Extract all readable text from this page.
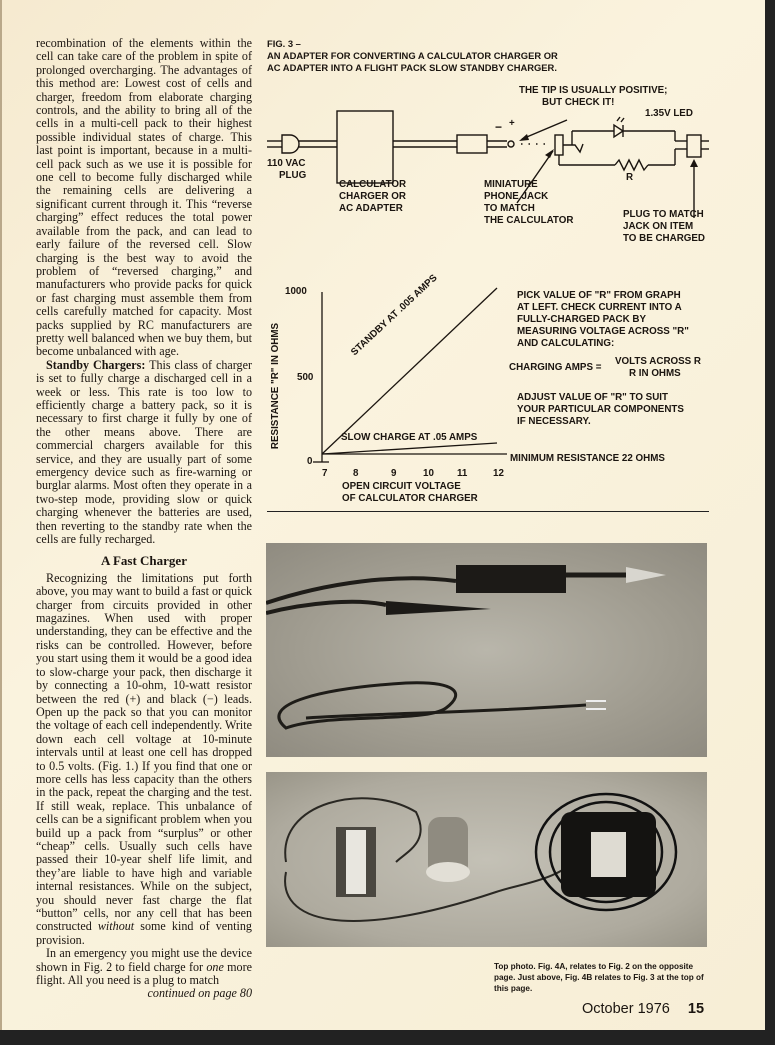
recombination of the elements within the cell can take care of the problem in spite of prolonged overcharging. The advantages of this method are: Lowest cost of cells and charger, freedom from elaborate charging controls, and the ability to bring all of the cells in a multi-cell pack to their highest possible individual states of charge. This last point is important, because in a multi-cell pack such as we use it is possible for one cell to become fully discharged while the remaining cells are delivering a significant current through it. This “reverse charging” effect reduces the total power available from the pack, and can lead to early failure of the reversed cell. Slow charging is the best way to avoid the problem of “reversed charging,” and manufacturers who provide packs for quick or fast charging must assemble them from cells carefully matched for capacity. Most packs supplied by RC manufacturers are pretty well balanced when we buy them, but become unbalanced with age.

Standby Chargers: This class of charger is set to fully charge a discharged cell in a week or less. This rate is too low to efficiently charge a battery pack, so it is necessary to first charge it fully by one of the other means above. There are commercial chargers available for this service, and they are usually part of some emergency device such as fire-warning or burglar alarms. Most often they operate in a two-step mode, providing slow or quick charging whenever the batteries are used, then reverting to the standby rate when the cells are fully recharged.

A Fast Charger

Recognizing the limitations put forth above, you may want to build a fast or quick charger from circuits provided in other magazines. When used with proper understanding, they can be effective and the risks can be controlled. However, before you start using them it would be a good idea to slow-charge your pack, then discharge it by connecting a 10-ohm, 10-watt resistor between the red (+) and black (−) leads. Open up the pack so that you can monitor the voltage of each cell independently. Write down each cell voltage at 10-minute intervals until at least one cell has dropped to 0.5 volts. (Fig. 1.) If you find that one or more cells has less capacity than the others in the pack, repeat the charging and the test. If still weak, replace. This unbalance of cells can be a significant problem when you build up a pack from “surplus” or other “cheap” cells. Usually such cells have passed their 10-year shelf life limit, and they’are liable to have high and variable internal resistances. While on the subject, you should never fast charge the flat “button” cells, nor any cell that has been constructed without some kind of venting provision.

In an emergency you might use the device shown in Fig. 2 to field charge for one more flight. All you need is a plug to match

continued on page 80

FIG. 3 –
AN ADAPTER FOR CONVERTING A CALCULATOR CHARGER OR
AC ADAPTER INTO A FLIGHT PACK SLOW STANDBY CHARGER.
THE TIP IS USUALLY POSITIVE;
BUT CHECK IT!
1.35V LED
− +
110 VAC
PLUG
CALCULATOR
CHARGER OR
AC ADAPTER
MINIATURE
PHONE JACK
TO MATCH
THE CALCULATOR
R
PLUG TO MATCH
JACK ON ITEM
TO BE CHARGED
1000
500
0
RESISTANCE "R" IN OHMS
7	8	9	10 11	12
OPEN CIRCUIT VOLTAGE
OF CALCULATOR CHARGER
STANDBY AT .005 AMPS
SLOW CHARGE AT .05 AMPS
MINIMUM RESISTANCE 22 OHMS
PICK VALUE OF "R" FROM GRAPH
AT LEFT. CHECK CURRENT INTO A
FULLY-CHARGED PACK BY
MEASURING VOLTAGE ACROSS "R"
AND CALCULATING:
CHARGING AMPS =
VOLTS ACROSS R
R IN OHMS
ADJUST VALUE OF "R" TO SUIT
YOUR PARTICULAR COMPONENTS
IF NECESSARY.
Top photo. Fig. 4A, relates to Fig. 2 on the opposite page. Just above, Fig. 4B relates to Fig. 3 at the top of this page.
October 1976 15
